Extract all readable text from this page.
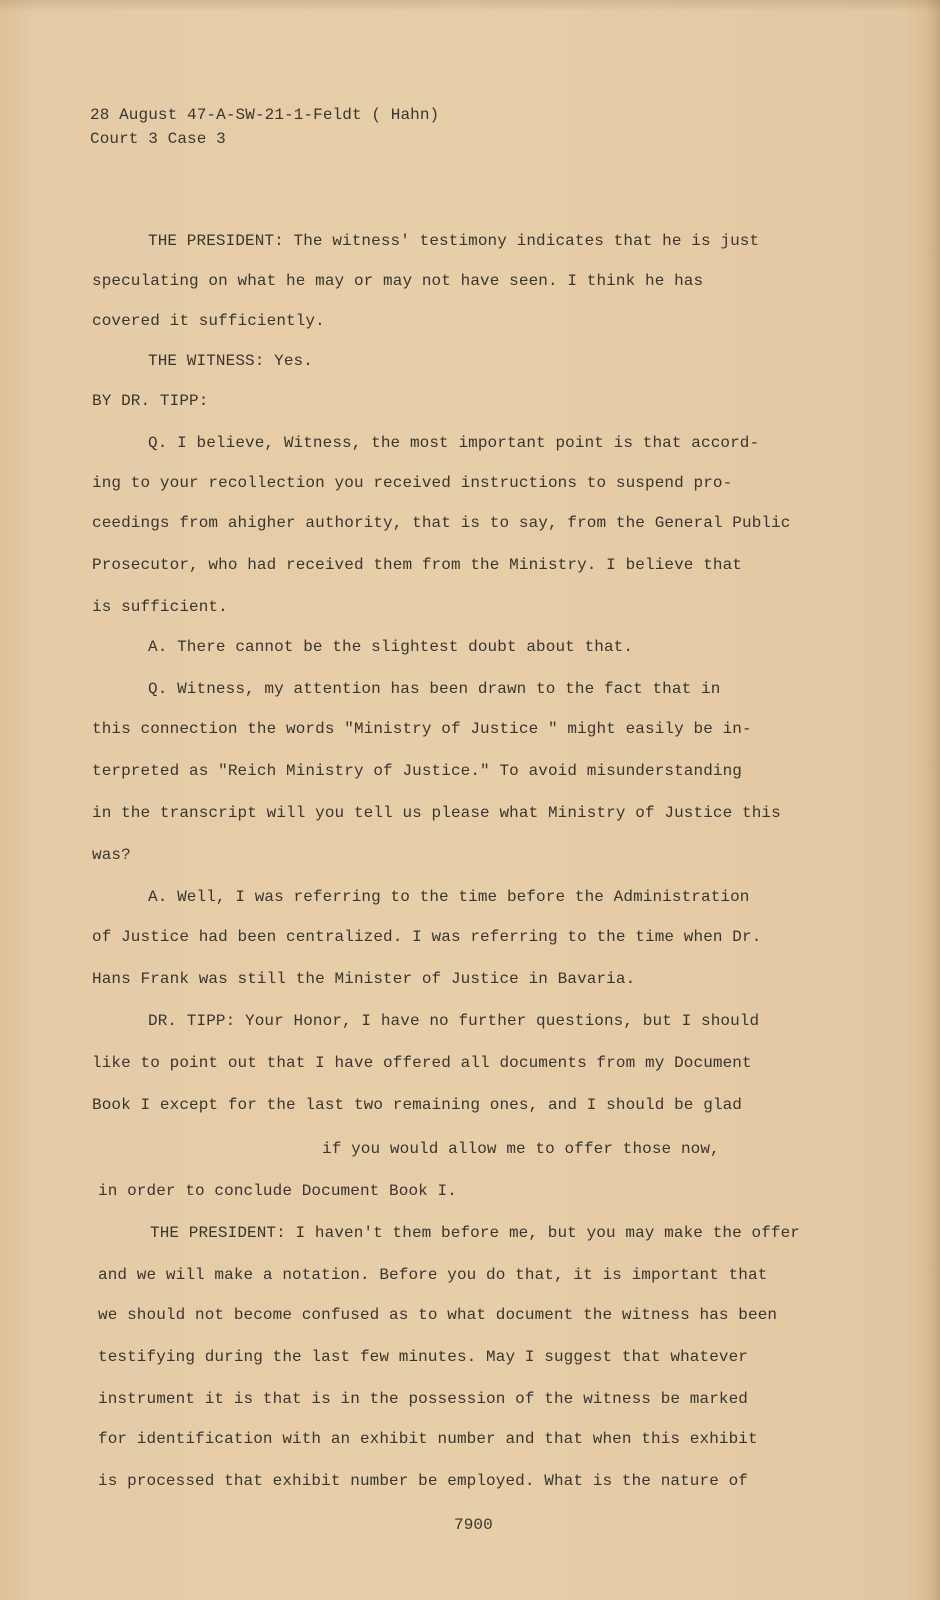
28 August 47-A-SW-21-1-Feldt ( Hahn)
Court 3 Case 3
THE PRESIDENT: The witness' testimony indicates that he is just
speculating on what he may or may not have seen. I think he has
covered it sufficiently.
THE WITNESS: Yes.
BY DR. TIPP:
Q. I believe, Witness, the most important point is that accord-
ing to your recollection you received instructions to suspend pro-
ceedings from ahigher authority, that is to say, from the General Public
Prosecutor, who had received them from the Ministry. I believe that
is sufficient.
A. There cannot be the slightest doubt about that.
Q. Witness, my attention has been drawn to the fact that in
this connection the words "Ministry of Justice " might easily be in-
terpreted as "Reich Ministry of Justice." To avoid misunderstanding
in the transcript will you tell us please what Ministry of Justice this
was?
A. Well, I was referring to the time before the Administration
of Justice had been centralized. I was referring to the time when Dr.
Hans Frank was still the Minister of Justice in Bavaria.
DR. TIPP: Your Honor, I have no further questions, but I should
like to point out that I have offered all documents from my Document
Book I except for the last two remaining ones, and I should be glad
if you would allow me to offer those now,
in order to conclude Document Book I.
THE PRESIDENT: I haven't them before me, but you may make the offer
and we will make a notation. Before you do that, it is important that
we should not become confused as to what document the witness has been
testifying during the last few minutes. May I suggest that whatever
instrument it is that is in the possession of the witness be marked
for identification with an exhibit number and that when this exhibit
is processed that exhibit number be employed. What is the nature of
7900
